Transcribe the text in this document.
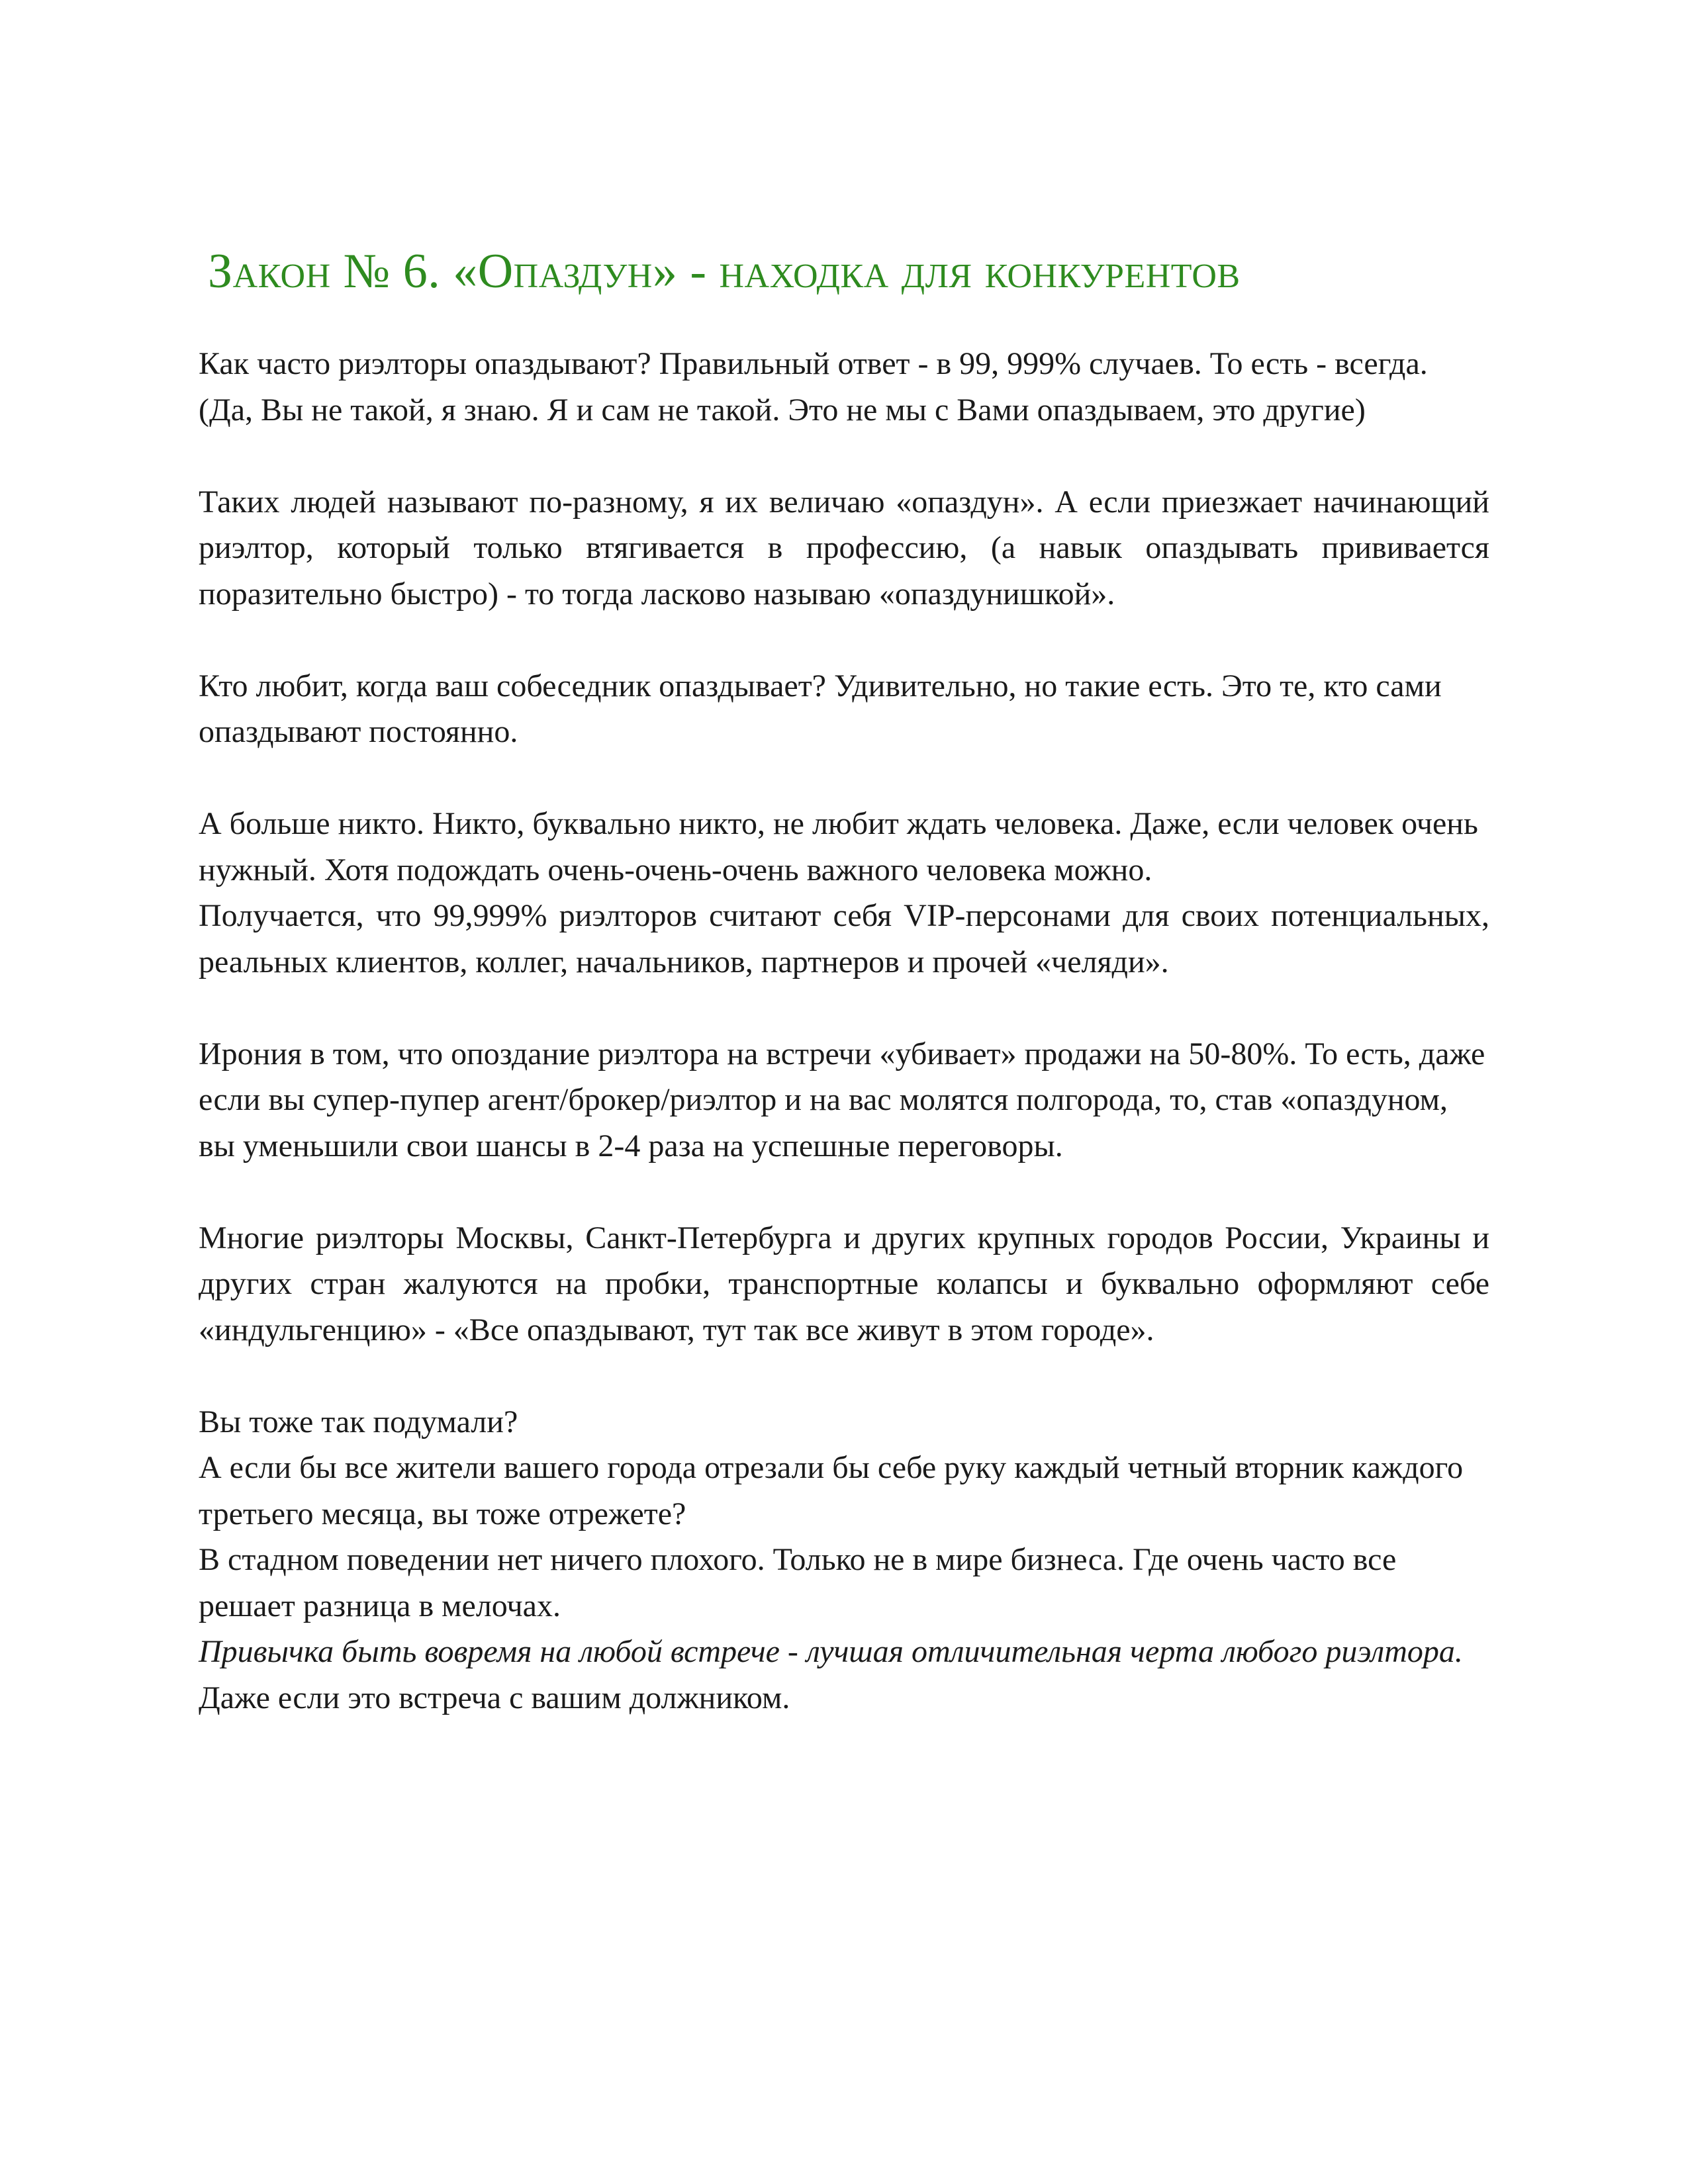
Закон № 6. «Опаздун» - находка для конкурентов

Как часто риэлторы опаздывают? Правильный ответ - в 99, 999% случаев. То есть - всегда. (Да, Вы не такой, я знаю. Я и сам не такой. Это не мы с Вами опаздываем, это другие)

Таких людей называют по-разному, я их величаю «опаздун». А если приезжает начинающий риэлтор, который только втягивается в профессию, (а навык опаздывать прививается поразительно быстро) - то тогда ласково называю «опаздунишкой».

Кто любит, когда ваш собеседник опаздывает? Удивительно, но такие есть. Это те, кто сами опаздывают постоянно.

А больше никто. Никто, буквально никто, не любит ждать человека. Даже, если человек очень нужный. Хотя подождать очень-очень-очень важного человека можно.

Получается, что 99,999% риэлторов считают себя VIP-персонами для своих потенциальных, реальных клиентов, коллег, начальников, партнеров и прочей «челяди».

Ирония в том, что опоздание риэлтора на встречи «убивает» продажи на 50-80%. То есть, даже если вы супер-пупер агент/брокер/риэлтор и на вас молятся полгорода, то, став «опаздуном, вы уменьшили свои шансы в 2-4 раза на успешные переговоры.

Многие риэлторы Москвы, Санкт-Петербурга и других крупных городов России, Украины и других стран жалуются на пробки, транспортные колапсы и буквально оформляют себе «индульгенцию» - «Все опаздывают, тут так все живут в этом городе».

Вы тоже так подумали?

А если бы все жители вашего города отрезали бы себе руку каждый четный вторник каждого третьего месяца, вы тоже отрежете?

В стадном поведении нет ничего плохого. Только не в мире бизнеса. Где очень часто все решает разница в мелочах.

Привычка быть вовремя на любой встрече - лучшая отличительная черта любого риэлтора. Даже если это встреча с вашим должником.
